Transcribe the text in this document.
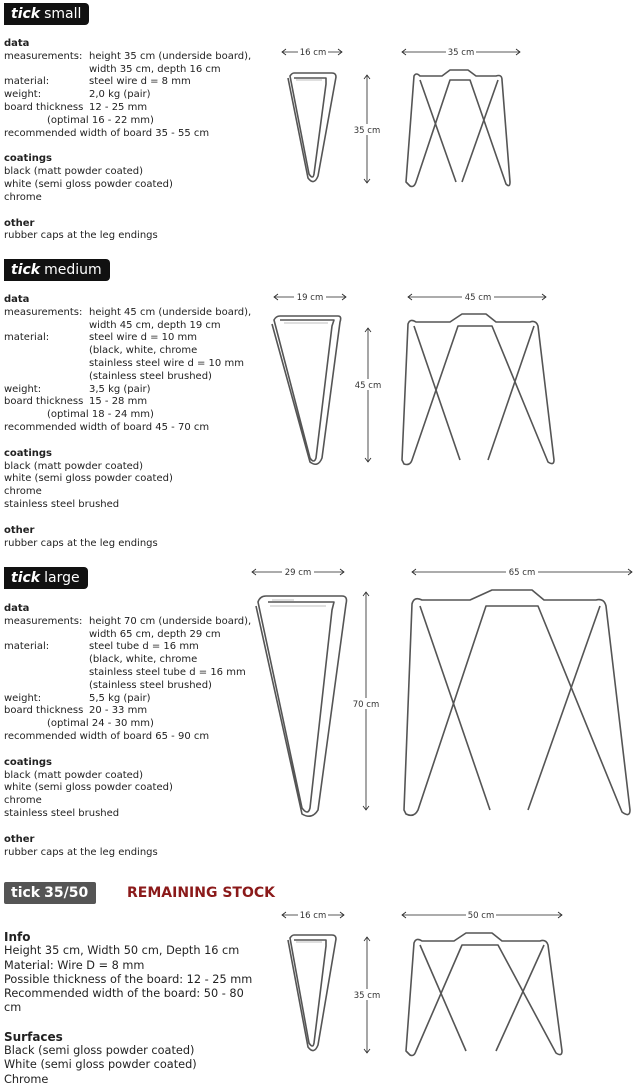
tick small
data
measurements: height 35 cm (underside board),
width 35 cm, depth 16 cm
material:	steel wire d = 8 mm
weight:	2,0 kg (pair)
board thickness 12 - 25 mm
(optimal 16 - 22 mm)
recommended width of board 35 - 55 cm
coatings
black (matt powder coated)
white (semi gloss powder coated)
chrome
other
rubber caps at the leg endings
16 cm	35 cm
35 cm
tick medium
data
measurements: height 45 cm (underside board),
width 45 cm, depth 19 cm
material:	steel wire d = 10 mm
(black, white, chrome
stainless steel wire d = 10 mm
(stainless steel brushed)
weight:	3,5 kg (pair)
board thickness 15 - 28 mm
(optimal 18 - 24 mm)
recommended width of board 45 - 70 cm
coatings
black (matt powder coated)
white (semi gloss powder coated)
chrome
stainless steel brushed
other
rubber caps at the leg endings
19 cm	45 cm
45 cm
tick large
data
measurements: height 70 cm (underside board),
width 65 cm, depth 29 cm
material:	steel tube d = 16 mm
(black, white, chrome
stainless steel tube d = 16 mm
(stainless steel brushed)
weight:	5,5 kg (pair)
board thickness 20 - 33 mm
(optimal 24 - 30 mm)
recommended width of board 65 - 90 cm
coatings
black (matt powder coated)
white (semi gloss powder coated)
chrome
stainless steel brushed
other
rubber caps at the leg endings
29 cm	65 cm
70 cm
tick 35/50	REMAINING STOCK
Info
Height 35 cm, Width 50 cm, Depth 16 cm
Material: Wire D = 8 mm
Possible thickness of the board: 12 - 25 mm
Recommended width of the board: 50 - 80
cm
Surfaces
Black (semi gloss powder coated)
White (semi gloss powder coated)
Chrome
16 cm	50 cm
35 cm
